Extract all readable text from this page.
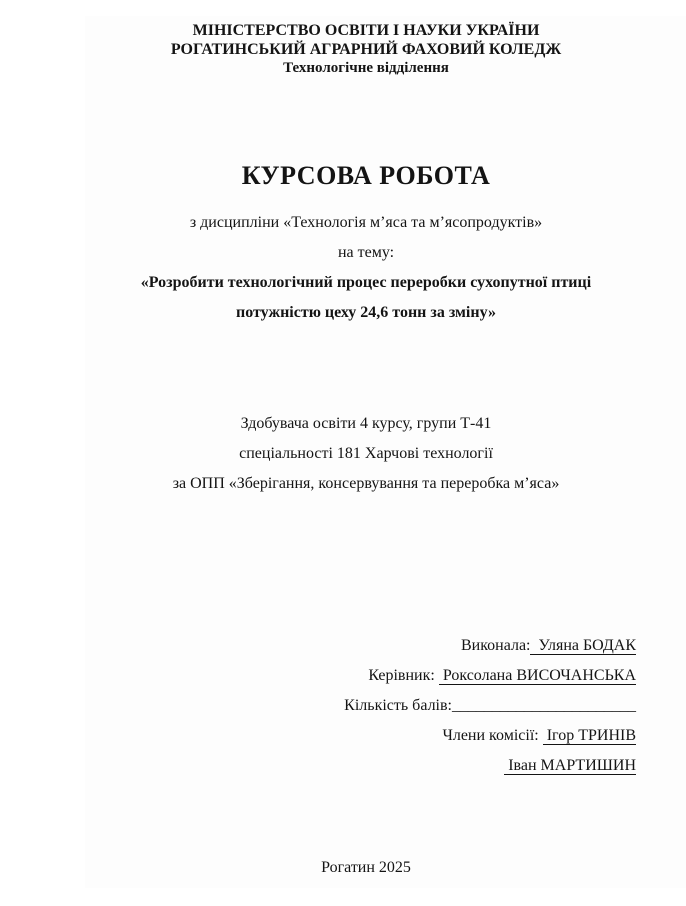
МІНІСТЕРСТВО ОСВІТИ І НАУКИ УКРАЇНИ
РОГАТИНСЬКИЙ АГРАРНИЙ ФАХОВИЙ КОЛЕДЖ
Технологічне відділення
КУРСОВА РОБОТА
з дисципліни «Технологія м’яса та м’ясопродуктів»
на тему:
«Розробити технологічний процес переробки сухопутної птиці
потужністю цеху 24,6 тонн за зміну»
Здобувача освіти 4 курсу, групи Т-41
спеціальності 181 Харчові технології
за ОПП «Зберігання, консервування та переробка м’яса»
Виконала: Уляна БОДАК
Керівник: Роксолана ВИСОЧАНСЬКА
Кількість балів:_______________________
Члени комісії: Ігор ТРИНІВ
Іван МАРТИШИН
Рогатин 2025
